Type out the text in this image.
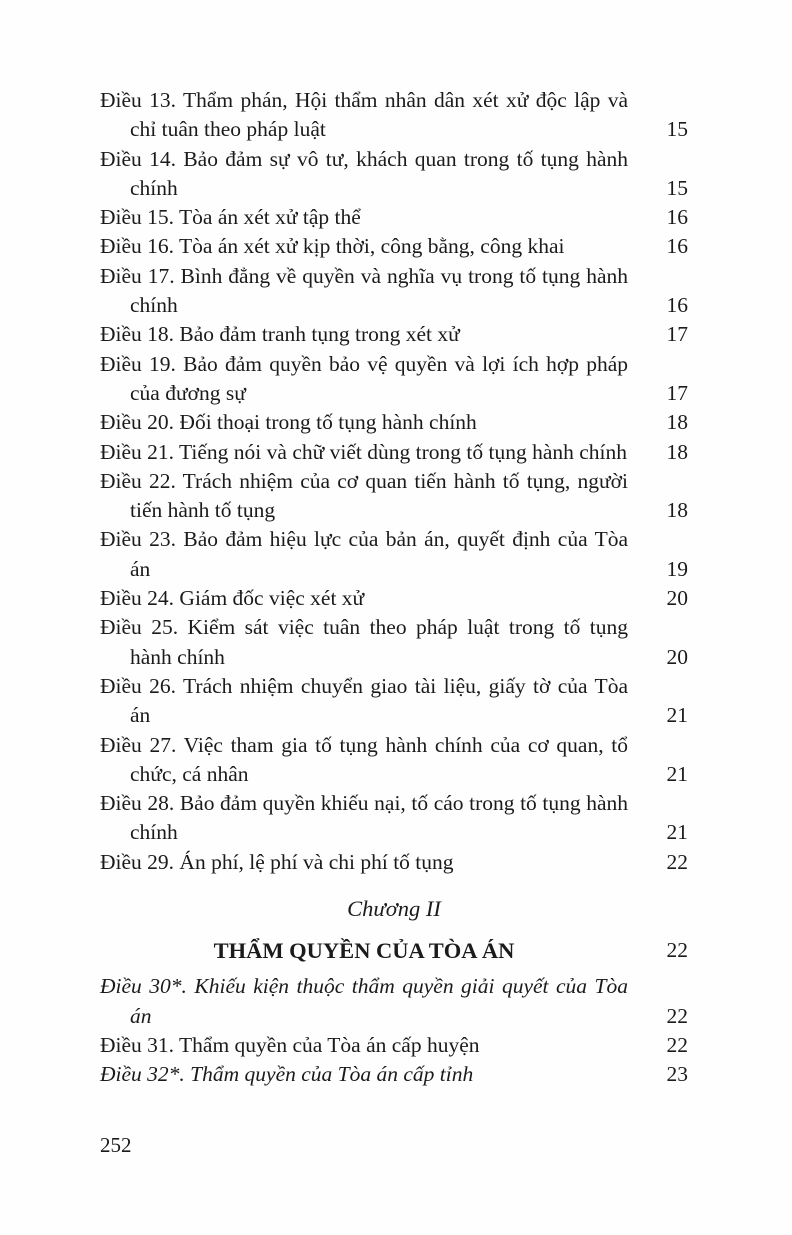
Điều 13. Thẩm phán, Hội thẩm nhân dân xét xử độc lập và chỉ tuân theo pháp luật	15
Điều 14. Bảo đảm sự vô tư, khách quan trong tố tụng hành chính	15
Điều 15. Tòa án xét xử tập thể	16
Điều 16. Tòa án xét xử kịp thời, công bằng, công khai	16
Điều 17. Bình đẳng về quyền và nghĩa vụ trong tố tụng hành chính	16
Điều 18. Bảo đảm tranh tụng trong xét xử	17
Điều 19. Bảo đảm quyền bảo vệ quyền và lợi ích hợp pháp của đương sự	17
Điều 20. Đối thoại trong tố tụng hành chính	18
Điều 21. Tiếng nói và chữ viết dùng trong tố tụng hành chính	18
Điều 22. Trách nhiệm của cơ quan tiến hành tố tụng, người tiến hành tố tụng	18
Điều 23. Bảo đảm hiệu lực của bản án, quyết định của Tòa án	19
Điều 24. Giám đốc việc xét xử	20
Điều 25. Kiểm sát việc tuân theo pháp luật trong tố tụng hành chính	20
Điều 26. Trách nhiệm chuyển giao tài liệu, giấy tờ của Tòa án	21
Điều 27. Việc tham gia tố tụng hành chính của cơ quan, tổ chức, cá nhân	21
Điều 28. Bảo đảm quyền khiếu nại, tố cáo trong tố tụng hành chính	21
Điều 29. Án phí, lệ phí và chi phí tố tụng	22
Chương II
THẨM QUYỀN CỦA TÒA ÁN	22
Điều 30*. Khiếu kiện thuộc thẩm quyền giải quyết của Tòa án	22
Điều 31. Thẩm quyền của Tòa án cấp huyện	22
Điều 32*. Thẩm quyền của Tòa án cấp tỉnh	23
252
